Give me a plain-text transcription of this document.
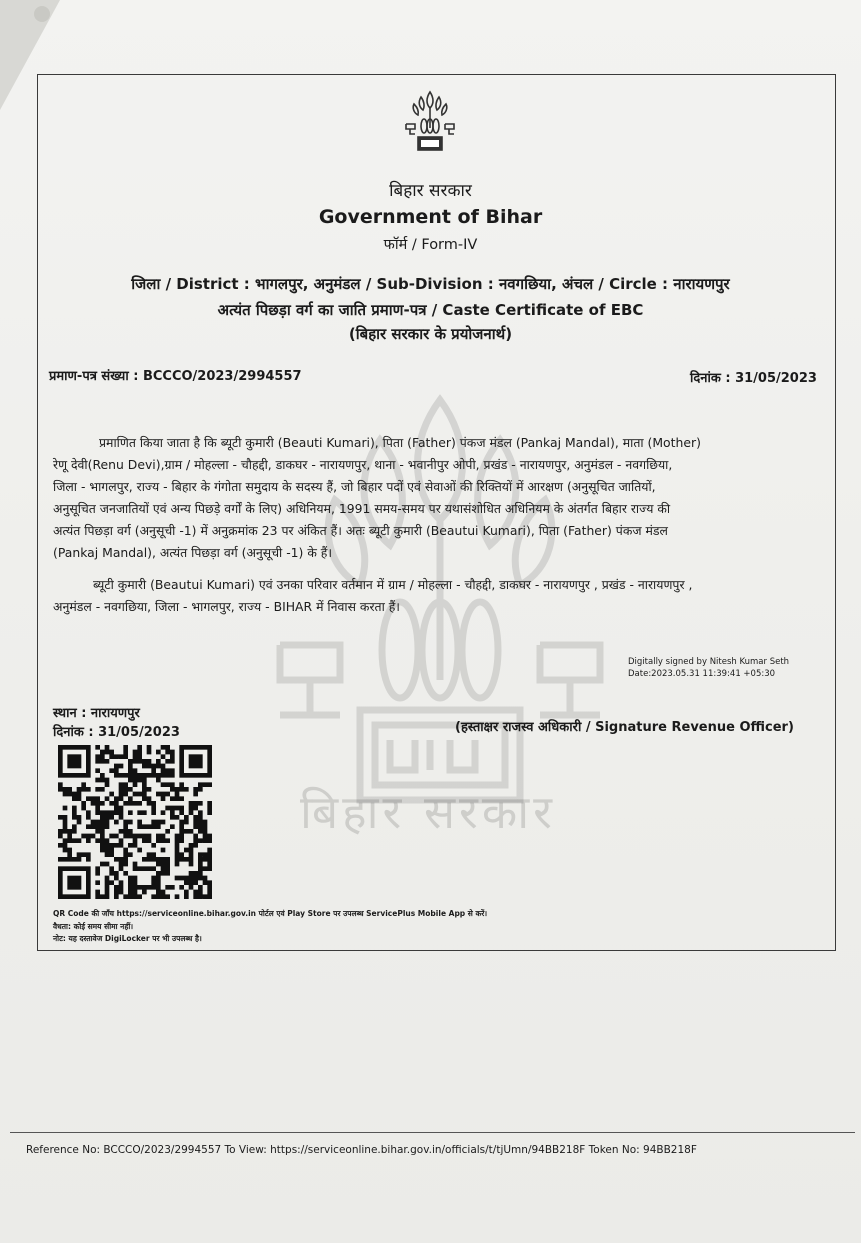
बिहार सरकार
बिहार सरकार
Government of Bihar
फॉर्म / Form-IV
जिला / District : भागलपुर, अनुमंडल / Sub-Division : नवगछिया, अंचल / Circle : नारायणपुर
अत्यंत पिछड़ा वर्ग का जाति प्रमाण-पत्र / Caste Certificate of EBC
(बिहार सरकार के प्रयोजनार्थ)
प्रमाण-पत्र संख्या : BCCCO/2023/2994557	दिनांक : 31/05/2023
प्रमाणित किया जाता है कि ब्यूटी कुमारी (Beauti Kumari), पिता (Father) पंकज मंडल (Pankaj Mandal), माता (Mother)
रेणू देवी(Renu Devi),ग्राम / मोहल्ला - चौहद्दी, डाकघर - नारायणपुर, थाना - भवानीपुर ओपी, प्रखंड - नारायणपुर, अनुमंडल - नवगछिया,
जिला - भागलपुर, राज्य - बिहार के गंगोता समुदाय के सदस्य हैं, जो बिहार पदों एवं सेवाओं की रिक्तियों में आरक्षण (अनुसूचित जातियों,
अनुसूचित जनजातियों एवं अन्य पिछड़े वर्गों के लिए) अधिनियम, 1991 समय-समय पर यथासंशोधित अधिनियम के अंतर्गत बिहार राज्य की
अत्यंत पिछड़ा वर्ग (अनुसूची -1) में अनुक्रमांक 23 पर अंकित हैं। अतः ब्यूटी कुमारी (Beautui Kumari), पिता (Father) पंकज मंडल
(Pankaj Mandal), अत्यंत पिछड़ा वर्ग (अनुसूची -1) के हैं।
ब्यूटी कुमारी (Beautui Kumari) एवं उनका परिवार वर्तमान में ग्राम / मोहल्ला - चौहद्दी, डाकघर - नारायणपुर , प्रखंड - नारायणपुर ,
अनुमंडल - नवगछिया, जिला - भागलपुर, राज्य - BIHAR में निवास करता हैं।
Digitally signed by Nitesh Kumar Seth
Date:2023.05.31 11:39:41 +05:30
स्थान : नारायणपुर
दिनांक : 31/05/2023	(हस्ताक्षर राजस्व अधिकारी / Signature Revenue Officer)
QR Code की जाँच https://serviceonline.bihar.gov.in पोर्टल एवं Play Store पर उपलब्ध ServicePlus Mobile App से करें।
वैधता: कोई समय सीमा नहीं।
नोट: यह दस्तावेज DigiLocker पर भी उपलब्ध है।
Reference No: BCCCO/2023/2994557 To View: https://serviceonline.bihar.gov.in/officials/t/tjUmn/94BB218F Token No: 94BB218F
